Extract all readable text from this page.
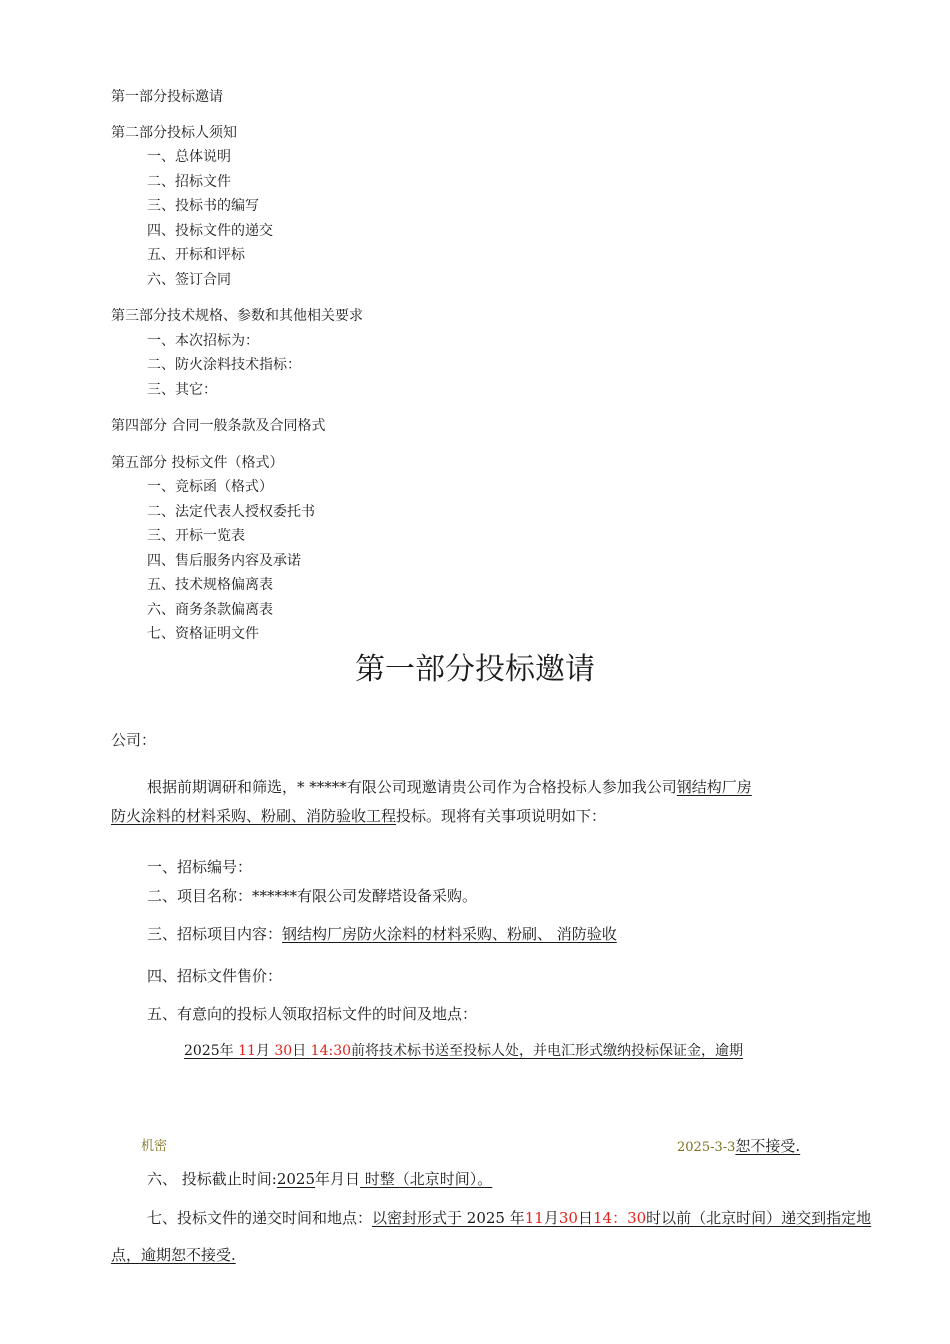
第一部分投标邀请
第二部分投标人须知
一、总体说明
二、招标文件
三、投标书的编写
四、投标文件的递交
五、开标和评标
六、签订合同
第三部分技术规格、参数和其他相关要求
一、本次招标为：
二、防火涂料技术指标：
三、其它：
第四部分 合同一般条款及合同格式
第五部分 投标文件（格式）
一、竞标函（格式）
二、法定代表人授权委托书
三、开标一览表
四、售后服务内容及承诺
五、技术规格偏离表
六、商务条款偏离表
七、资格证明文件
第一部分投标邀请
公司：
根据前期调研和筛选，* *****有限公司现邀请贵公司作为合格投标人参加我公司钢结构厂房
防火涂料的材料采购、粉刷、消防验收工程投标。现将有关事项说明如下：
一、招标编号：
二、项目名称：******有限公司发酵塔设备采购。
三、招标项目内容：钢结构厂房防火涂料的材料采购、粉刷、 消防验收
四、招标文件售价：
五、有意向的投标人领取招标文件的时间及地点：
2025年 11月 30日 14:30前将技术标书送至投标人处，并电汇形式缴纳投标保证金，逾期
机密	2025-3-3恕不接受.
六、 投标截止时间:2025年月日 时整（北京时间）。
七、投标文件的递交时间和地点：以密封形式于 2025 年11月30日14：30时以前（北京时间）递交到指定地
点，逾期恕不接受.
